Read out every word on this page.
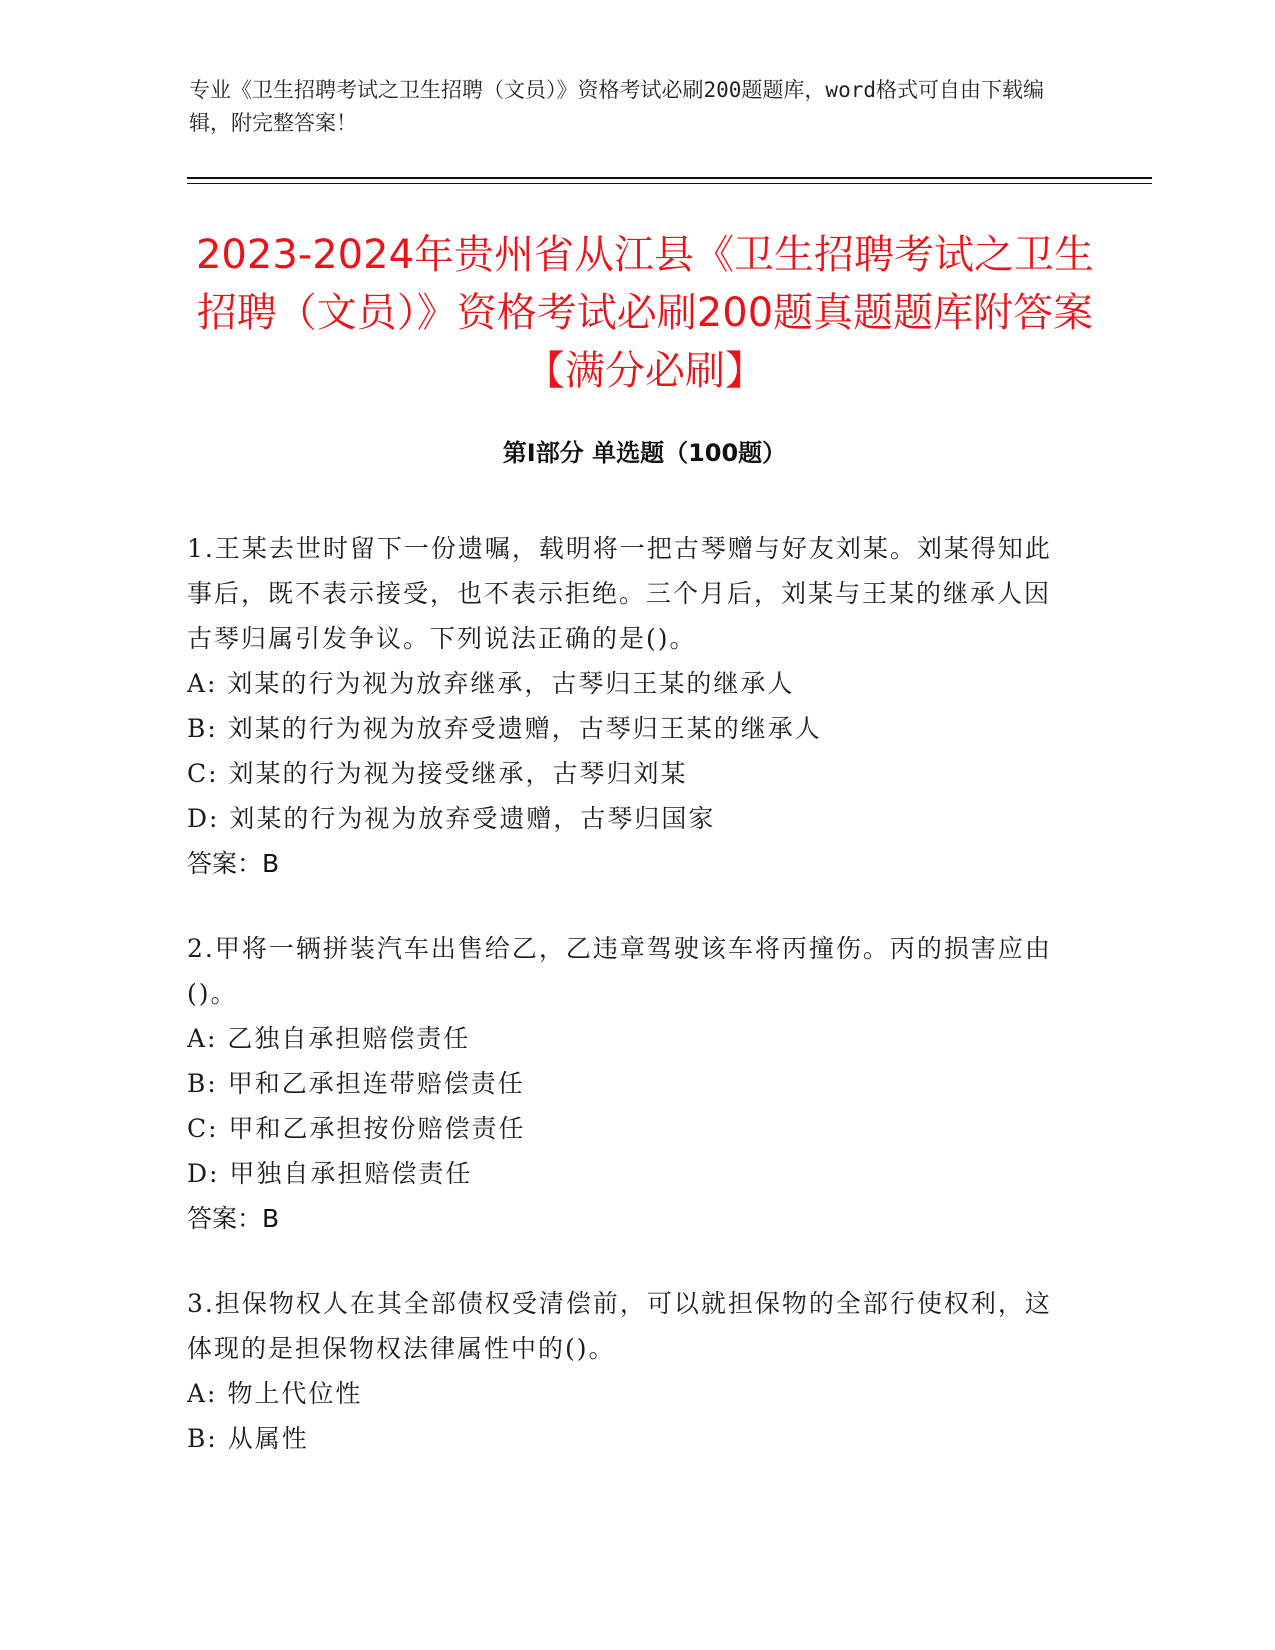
专业《卫生招聘考试之卫生招聘（文员）》资格考试必刷200题题库，word格式可自由下载编辑，附完整答案！
2023-2024年贵州省从江县《卫生招聘考试之卫生招聘（文员）》资格考试必刷200题真题题库附答案【满分必刷】
第Ⅰ部分 单选题（100题）
1.王某去世时留下一份遗嘱，载明将一把古琴赠与好友刘某。刘某得知此事后，既不表示接受，也不表示拒绝。三个月后，刘某与王某的继承人因古琴归属引发争议。下列说法正确的是()。
A: 刘某的行为视为放弃继承，古琴归王某的继承人
B: 刘某的行为视为放弃受遗赠，古琴归王某的继承人
C: 刘某的行为视为接受继承，古琴归刘某
D: 刘某的行为视为放弃受遗赠，古琴归国家
答案：B
2.甲将一辆拼装汽车出售给乙，乙违章驾驶该车将丙撞伤。丙的损害应由()。
A: 乙独自承担赔偿责任
B: 甲和乙承担连带赔偿责任
C: 甲和乙承担按份赔偿责任
D: 甲独自承担赔偿责任
答案：B
3.担保物权人在其全部债权受清偿前，可以就担保物的全部行使权利，这体现的是担保物权法律属性中的()。
A: 物上代位性
B: 从属性
